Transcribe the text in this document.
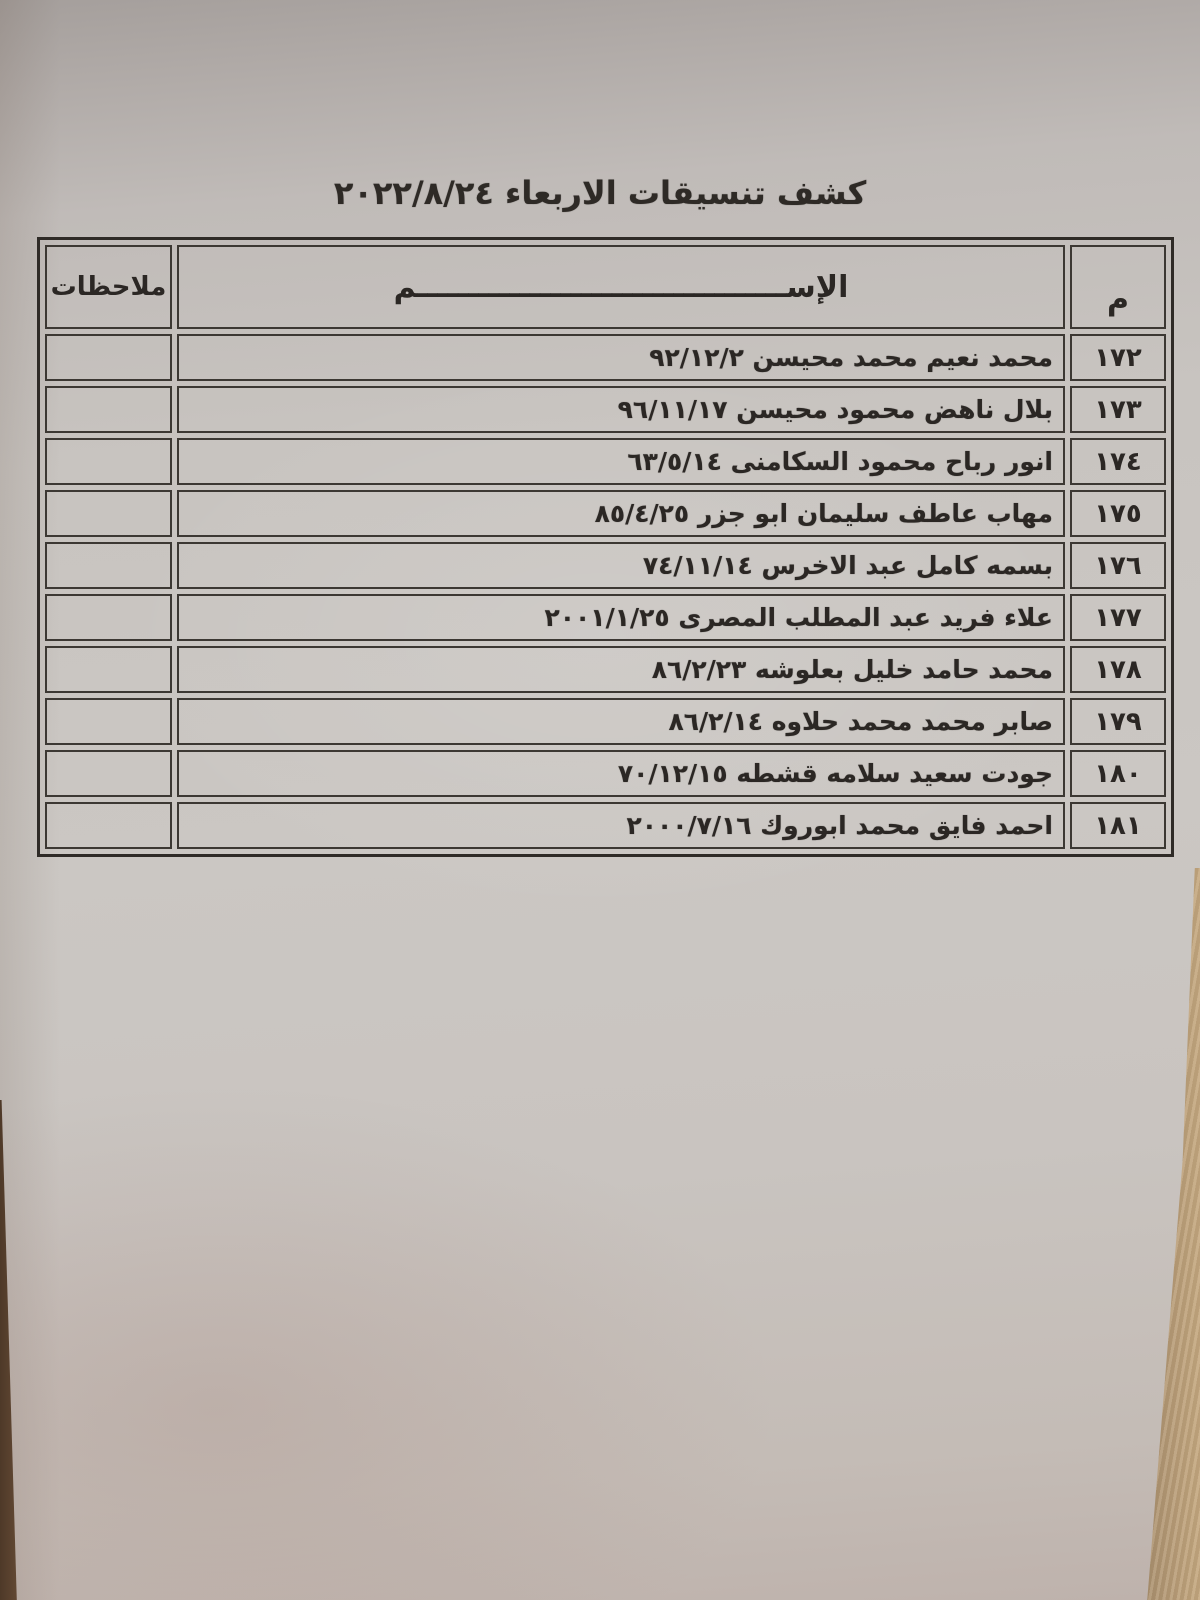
كشف تنسيقات الاربعاء ٢٠٢٢/٨/٢٤
م	الإســــــــــــــــــــــــــــــــــــم	ملاحظات
١٧٢	محمد نعيم محمد محيسن ٩٢/١٢/٢	
١٧٣	بلال ناهض محمود محيسن ٩٦/١١/١٧	
١٧٤	انور رباح محمود السكامنى ٦٣/٥/١٤	
١٧٥	مهاب عاطف سليمان ابو جزر ٨٥/٤/٢٥	
١٧٦	بسمه كامل عبد الاخرس ٧٤/١١/١٤	
١٧٧	علاء فريد عبد المطلب المصرى ٢٠٠١/١/٢٥	
١٧٨	محمد حامد خليل بعلوشه ٨٦/٢/٢٣	
١٧٩	صابر محمد محمد حلاوه ٨٦/٢/١٤	
١٨٠	جودت سعيد سلامه قشطه ٧٠/١٢/١٥	
١٨١	احمد فايق محمد ابوروك ٢٠٠٠/٧/١٦	
